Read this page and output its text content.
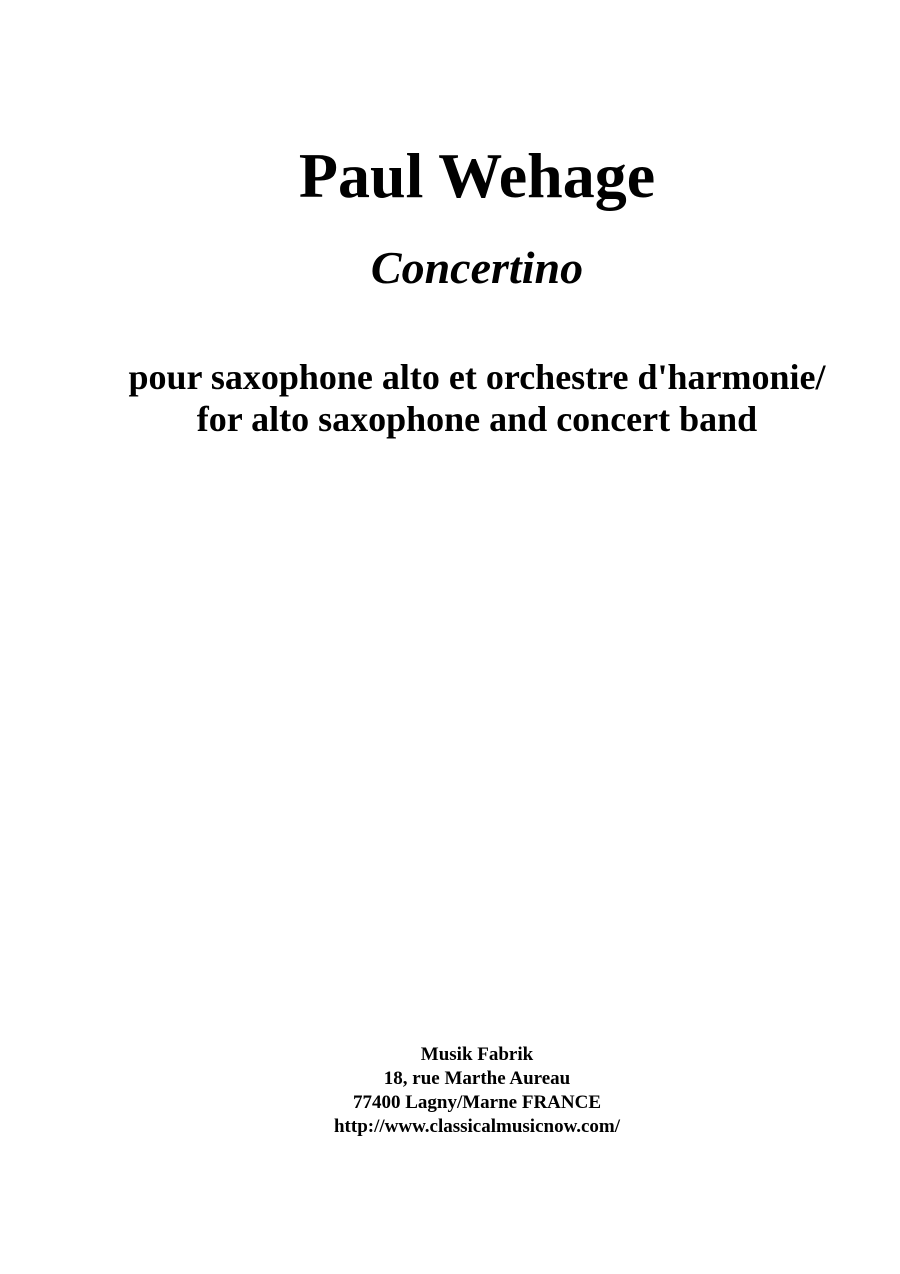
Paul Wehage
Concertino
pour saxophone alto et orchestre d'harmonie/
for alto saxophone and concert band
Musik Fabrik
18, rue Marthe Aureau
77400 Lagny/Marne FRANCE
http://www.classicalmusicnow.com/
